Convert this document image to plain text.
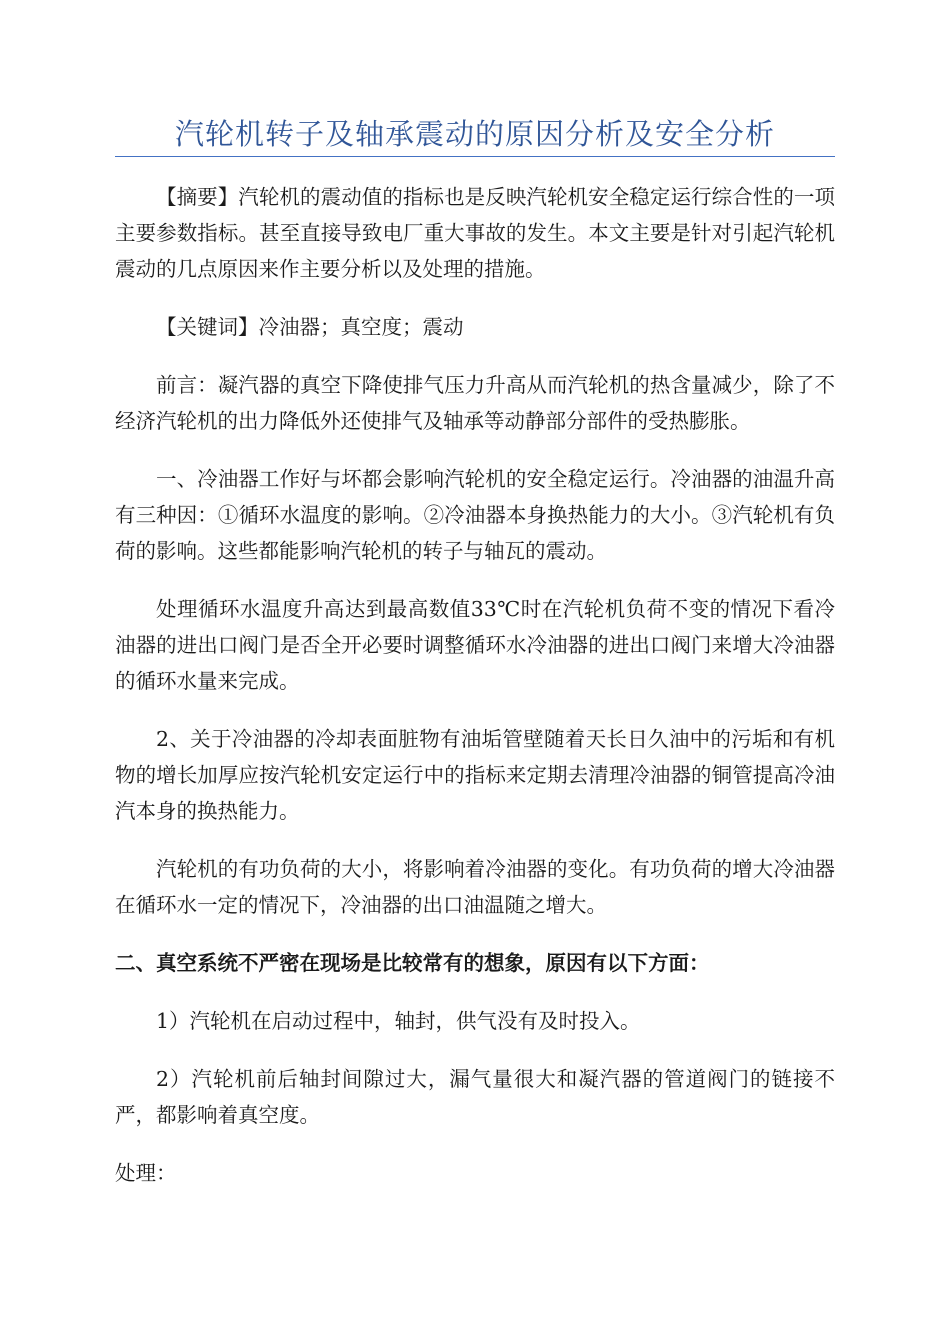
汽轮机转子及轴承震动的原因分析及安全分析

【摘要】汽轮机的震动值的指标也是反映汽轮机安全稳定运行综合性的一项主要参数指标。甚至直接导致电厂重大事故的发生。本文主要是针对引起汽轮机震动的几点原因来作主要分析以及处理的措施。

【关键词】冷油器；真空度；震动

前言：凝汽器的真空下降使排气压力升高从而汽轮机的热含量减少，除了不经济汽轮机的出力降低外还使排气及轴承等动静部分部件的受热膨胀。

一、冷油器工作好与坏都会影响汽轮机的安全稳定运行。冷油器的油温升高有三种因：①循环水温度的影响。②冷油器本身换热能力的大小。③汽轮机有负荷的影响。这些都能影响汽轮机的转子与轴瓦的震动。

处理循环水温度升高达到最高数值33℃时在汽轮机负荷不变的情况下看冷油器的进出口阀门是否全开必要时调整循环水冷油器的进出口阀门来增大冷油器的循环水量来完成。

2、关于冷油器的冷却表面脏物有油垢管壁随着天长日久油中的污垢和有机物的增长加厚应按汽轮机安定运行中的指标来定期去清理冷油器的铜管提高冷油汽本身的换热能力。

汽轮机的有功负荷的大小，将影响着冷油器的变化。有功负荷的增大冷油器在循环水一定的情况下，冷油器的出口油温随之增大。

二、真空系统不严密在现场是比较常有的想象，原因有以下方面：

1）汽轮机在启动过程中，轴封，供气没有及时投入。

2）汽轮机前后轴封间隙过大，漏气量很大和凝汽器的管道阀门的链接不严，都影响着真空度。

处理：
